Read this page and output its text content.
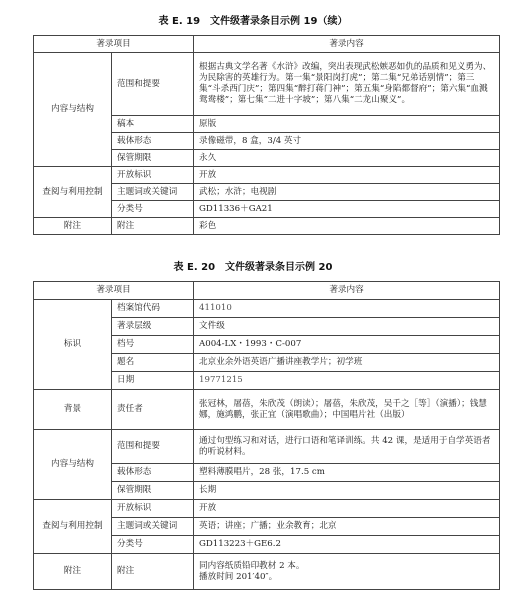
表 E. 19　文件级著录条目示例 19（续）
著录项目		著录内容
内容与结构	范围和提要	根据古典文学名著《水浒》改编，突出表现武松嫉恶如仇的品质和见义勇为、为民除害的英雄行为。第一集“景阳岗打虎”；第二集“兄弟话别情”；第三集“斗杀西门庆”；第四集“醉打蒋门神”；第五集“身陷都督府”；第六集“血溅鸳鸯楼”；第七集“二进十字坡”；第八集“二龙山聚义”。
	稿本	原版
	载体形态	录像磁带，8 盒，3/4 英寸
	保管期限	永久
查阅与利用控制	开放标识	开放
	主题词或关键词	武松；水浒；电视剧
	分类号	GD11336＋GA21
附注	附注	彩色
表 E. 20　文件级著录条目示例 20
著录项目		著录内容
标识	档案馆代码	411010
	著录层级	文件级
	档号	A004-LX・1993・C-007
	题名	北京业余外语英语广播讲座教学片；初学班
	日期	19771215
背景	责任者	张冠林，屠蓓，朱欣茂（朗读）；屠蓓，朱欣茂，吴千之［等］（演播）；钱慧娜，施鸿鹏，张正宜（演唱歌曲）；中国唱片社（出版）
内容与结构	范围和提要	通过句型练习和对话，进行口语和笔译训练。共 42 课，是适用于自学英语者的听说材料。
	载体形态	塑料薄膜唱片，28 张，17.5 cm
	保管期限	长期
查阅与利用控制	开放标识	开放
	主题词或关键词	英语；讲座；广播；业余教育；北京
	分类号	GD113223＋GE6.2
附注	附注	同内容纸质铅印教材 2 本。
播放时间 201′40″。
